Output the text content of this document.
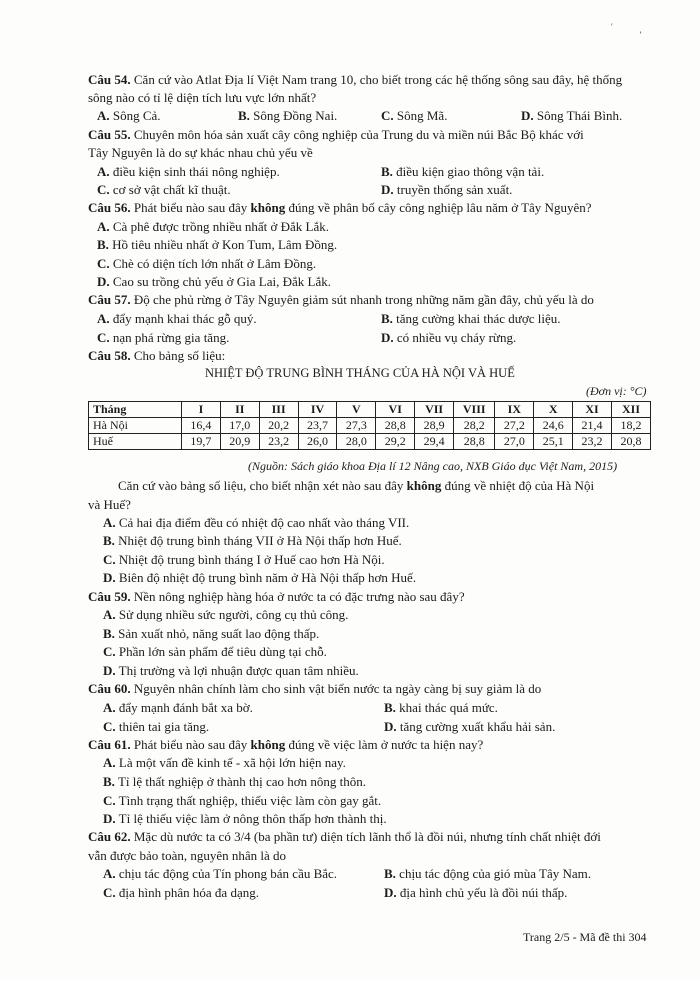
'
ʼ
Câu 54. Căn cứ vào Atlat Địa lí Việt Nam trang 10, cho biết trong các hệ thống sông sau đây, hệ thống
sông nào có tỉ lệ diện tích lưu vực lớn nhất?
A. Sông Cả.	B. Sông Đồng Nai.	C. Sông Mã.	D. Sông Thái Bình.
Câu 55. Chuyên môn hóa sản xuất cây công nghiệp của Trung du và miền núi Bắc Bộ khác với
Tây Nguyên là do sự khác nhau chủ yếu về
A. điều kiện sinh thái nông nghiệp.	B. điều kiện giao thông vận tải.
C. cơ sở vật chất kĩ thuật.	D. truyền thống sản xuất.
Câu 56. Phát biểu nào sau đây không đúng về phân bố cây công nghiệp lâu năm ở Tây Nguyên?
A. Cà phê được trồng nhiều nhất ở Đắk Lắk.
B. Hồ tiêu nhiều nhất ở Kon Tum, Lâm Đồng.
C. Chè có diện tích lớn nhất ở Lâm Đồng.
D. Cao su trồng chủ yếu ở Gia Lai, Đắk Lắk.
Câu 57. Độ che phủ rừng ở Tây Nguyên giảm sút nhanh trong những năm gần đây, chủ yếu là do
A. đẩy mạnh khai thác gỗ quý.	B. tăng cường khai thác dược liệu.
C. nạn phá rừng gia tăng.	D. có nhiều vụ cháy rừng.
Câu 58. Cho bảng số liệu:
NHIỆT ĐỘ TRUNG BÌNH THÁNG CỦA HÀ NỘI VÀ HUẾ
(Đơn vị: °C)
Tháng	I	II	III	IV	V	VI	VII	VIII	IX	X	XI	XII
Hà Nội	16,4	17,0	20,2	23,7	27,3	28,8	28,9	28,2	27,2	24,6	21,4	18,2
Huế	19,7	20,9	23,2	26,0	28,0	29,2	29,4	28,8	27,0	25,1	23,2	20,8
(Nguồn: Sách giáo khoa Địa lí 12 Nâng cao, NXB Giáo dục Việt Nam, 2015)
Căn cứ vào bảng số liệu, cho biết nhận xét nào sau đây không đúng về nhiệt độ của Hà Nội
và Huế?
A. Cả hai địa điểm đều có nhiệt độ cao nhất vào tháng VII.
B. Nhiệt độ trung bình tháng VII ở Hà Nội thấp hơn Huế.
C. Nhiệt độ trung bình tháng I ở Huế cao hơn Hà Nội.
D. Biên độ nhiệt độ trung bình năm ở Hà Nội thấp hơn Huế.
Câu 59. Nền nông nghiệp hàng hóa ở nước ta có đặc trưng nào sau đây?
A. Sử dụng nhiều sức người, công cụ thủ công.
B. Sản xuất nhỏ, năng suất lao động thấp.
C. Phần lớn sản phẩm để tiêu dùng tại chỗ.
D. Thị trường và lợi nhuận được quan tâm nhiều.
Câu 60. Nguyên nhân chính làm cho sinh vật biển nước ta ngày càng bị suy giảm là do
A. đẩy mạnh đánh bắt xa bờ.	B. khai thác quá mức.
C. thiên tai gia tăng.	D. tăng cường xuất khẩu hải sản.
Câu 61. Phát biểu nào sau đây không đúng về việc làm ở nước ta hiện nay?
A. Là một vấn đề kinh tế - xã hội lớn hiện nay.
B. Tỉ lệ thất nghiệp ở thành thị cao hơn nông thôn.
C. Tình trạng thất nghiệp, thiếu việc làm còn gay gắt.
D. Tỉ lệ thiếu việc làm ở nông thôn thấp hơn thành thị.
Câu 62. Mặc dù nước ta có 3/4 (ba phần tư) diện tích lãnh thổ là đồi núi, nhưng tính chất nhiệt đới
vẫn được bảo toàn, nguyên nhân là do
A. chịu tác động của Tín phong bán cầu Bắc.	B. chịu tác động của gió mùa Tây Nam.
C. địa hình phân hóa đa dạng.	D. địa hình chủ yếu là đồi núi thấp.
Trang 2/5 - Mã đề thi 304
